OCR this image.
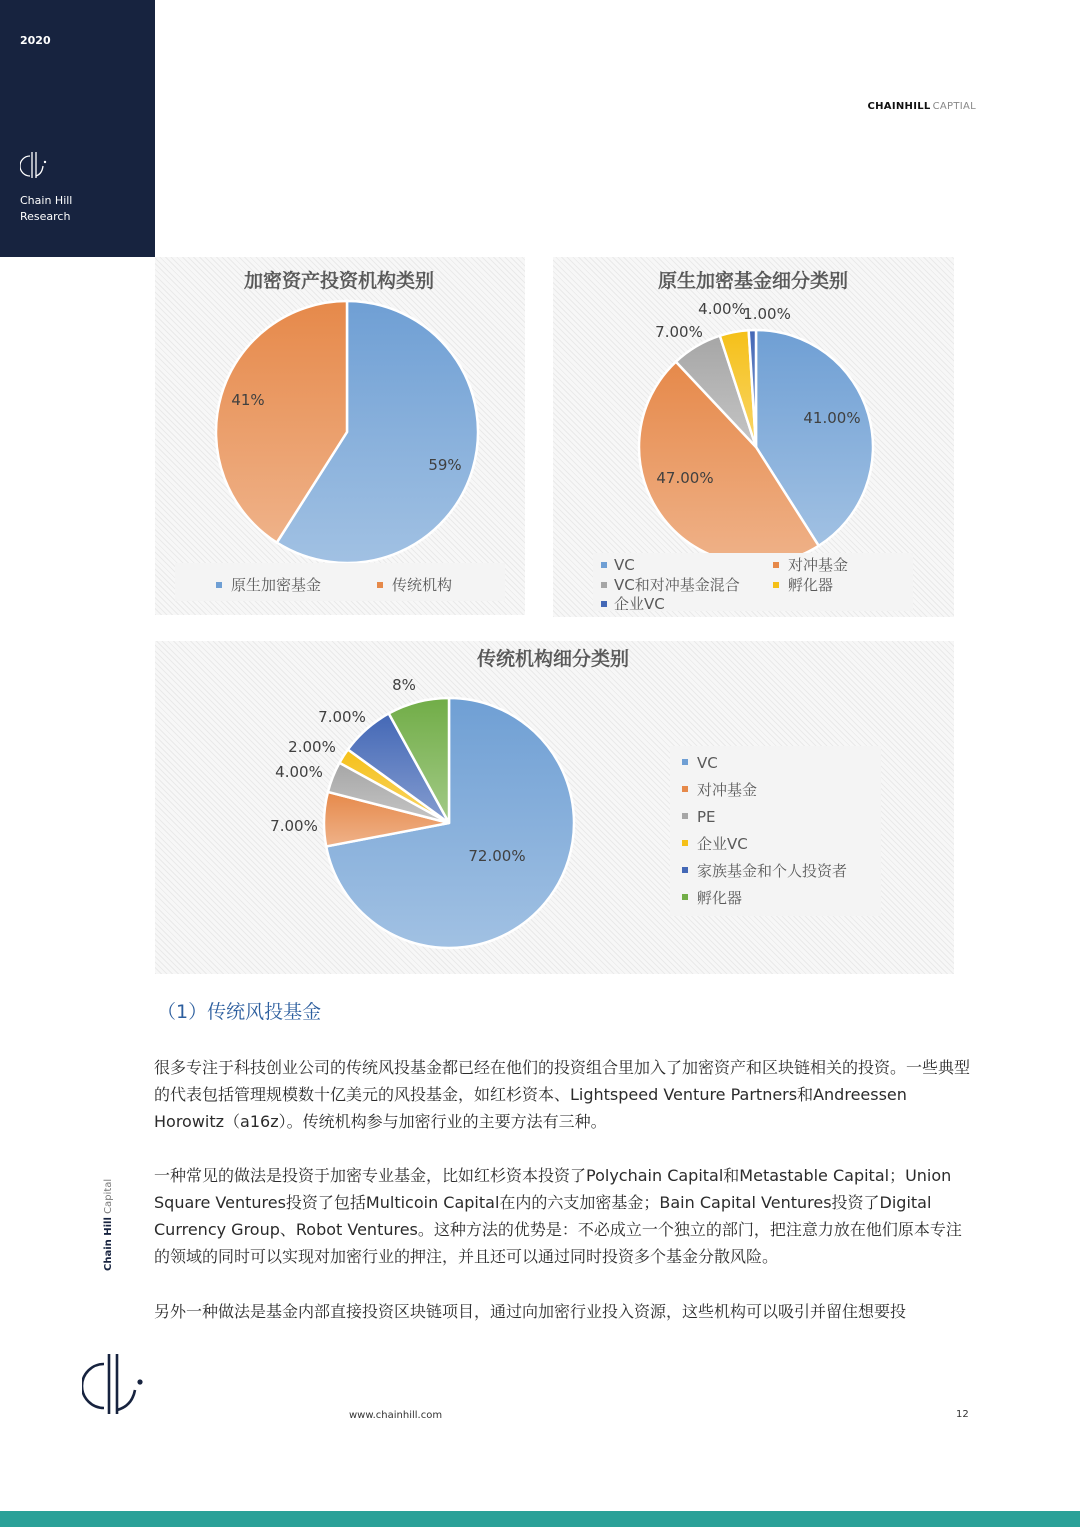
2020
Chain Hill
Research
CHAINHILL CAPTIAL
加密资产投资机构类别
59%
41%
原生加密基金	传统机构
原生加密基金细分类别
41.00%
47.00%
7.00%
4.00%
1.00%
VC	对冲基金
VC和对冲基金混合	孵化器
企业VC
传统机构细分类别
72.00%
7.00%
4.00%
2.00%
7.00%
8%
VC
对冲基金
PE
企业VC
家族基金和个人投资者
孵化器
（1）传统风投基金

很多专注于科技创业公司的传统风投基金都已经在他们的投资组合里加入了加密资产和区块链相关的投资。一些典型的代表包括管理规模数十亿美元的风投基金，如红杉资本、Lightspeed Venture Partners和Andreessen Horowitz（a16z）。传统机构参与加密行业的主要方法有三种。

一种常见的做法是投资于加密专业基金，比如红杉资本投资了Polychain Capital和Metastable Capital；Union Square Ventures投资了包括Multicoin Capital在内的六支加密基金；Bain Capital Ventures投资了Digital Currency Group、Robot Ventures。这种方法的优势是：不必成立一个独立的部门，把注意力放在他们原本专注的领域的同时可以实现对加密行业的押注，并且还可以通过同时投资多个基金分散风险。

另外一种做法是基金内部直接投资区块链项目，通过向加密行业投入资源，这些机构可以吸引并留住想要投

Chain Hill Capital
www.chainhill.com	12
